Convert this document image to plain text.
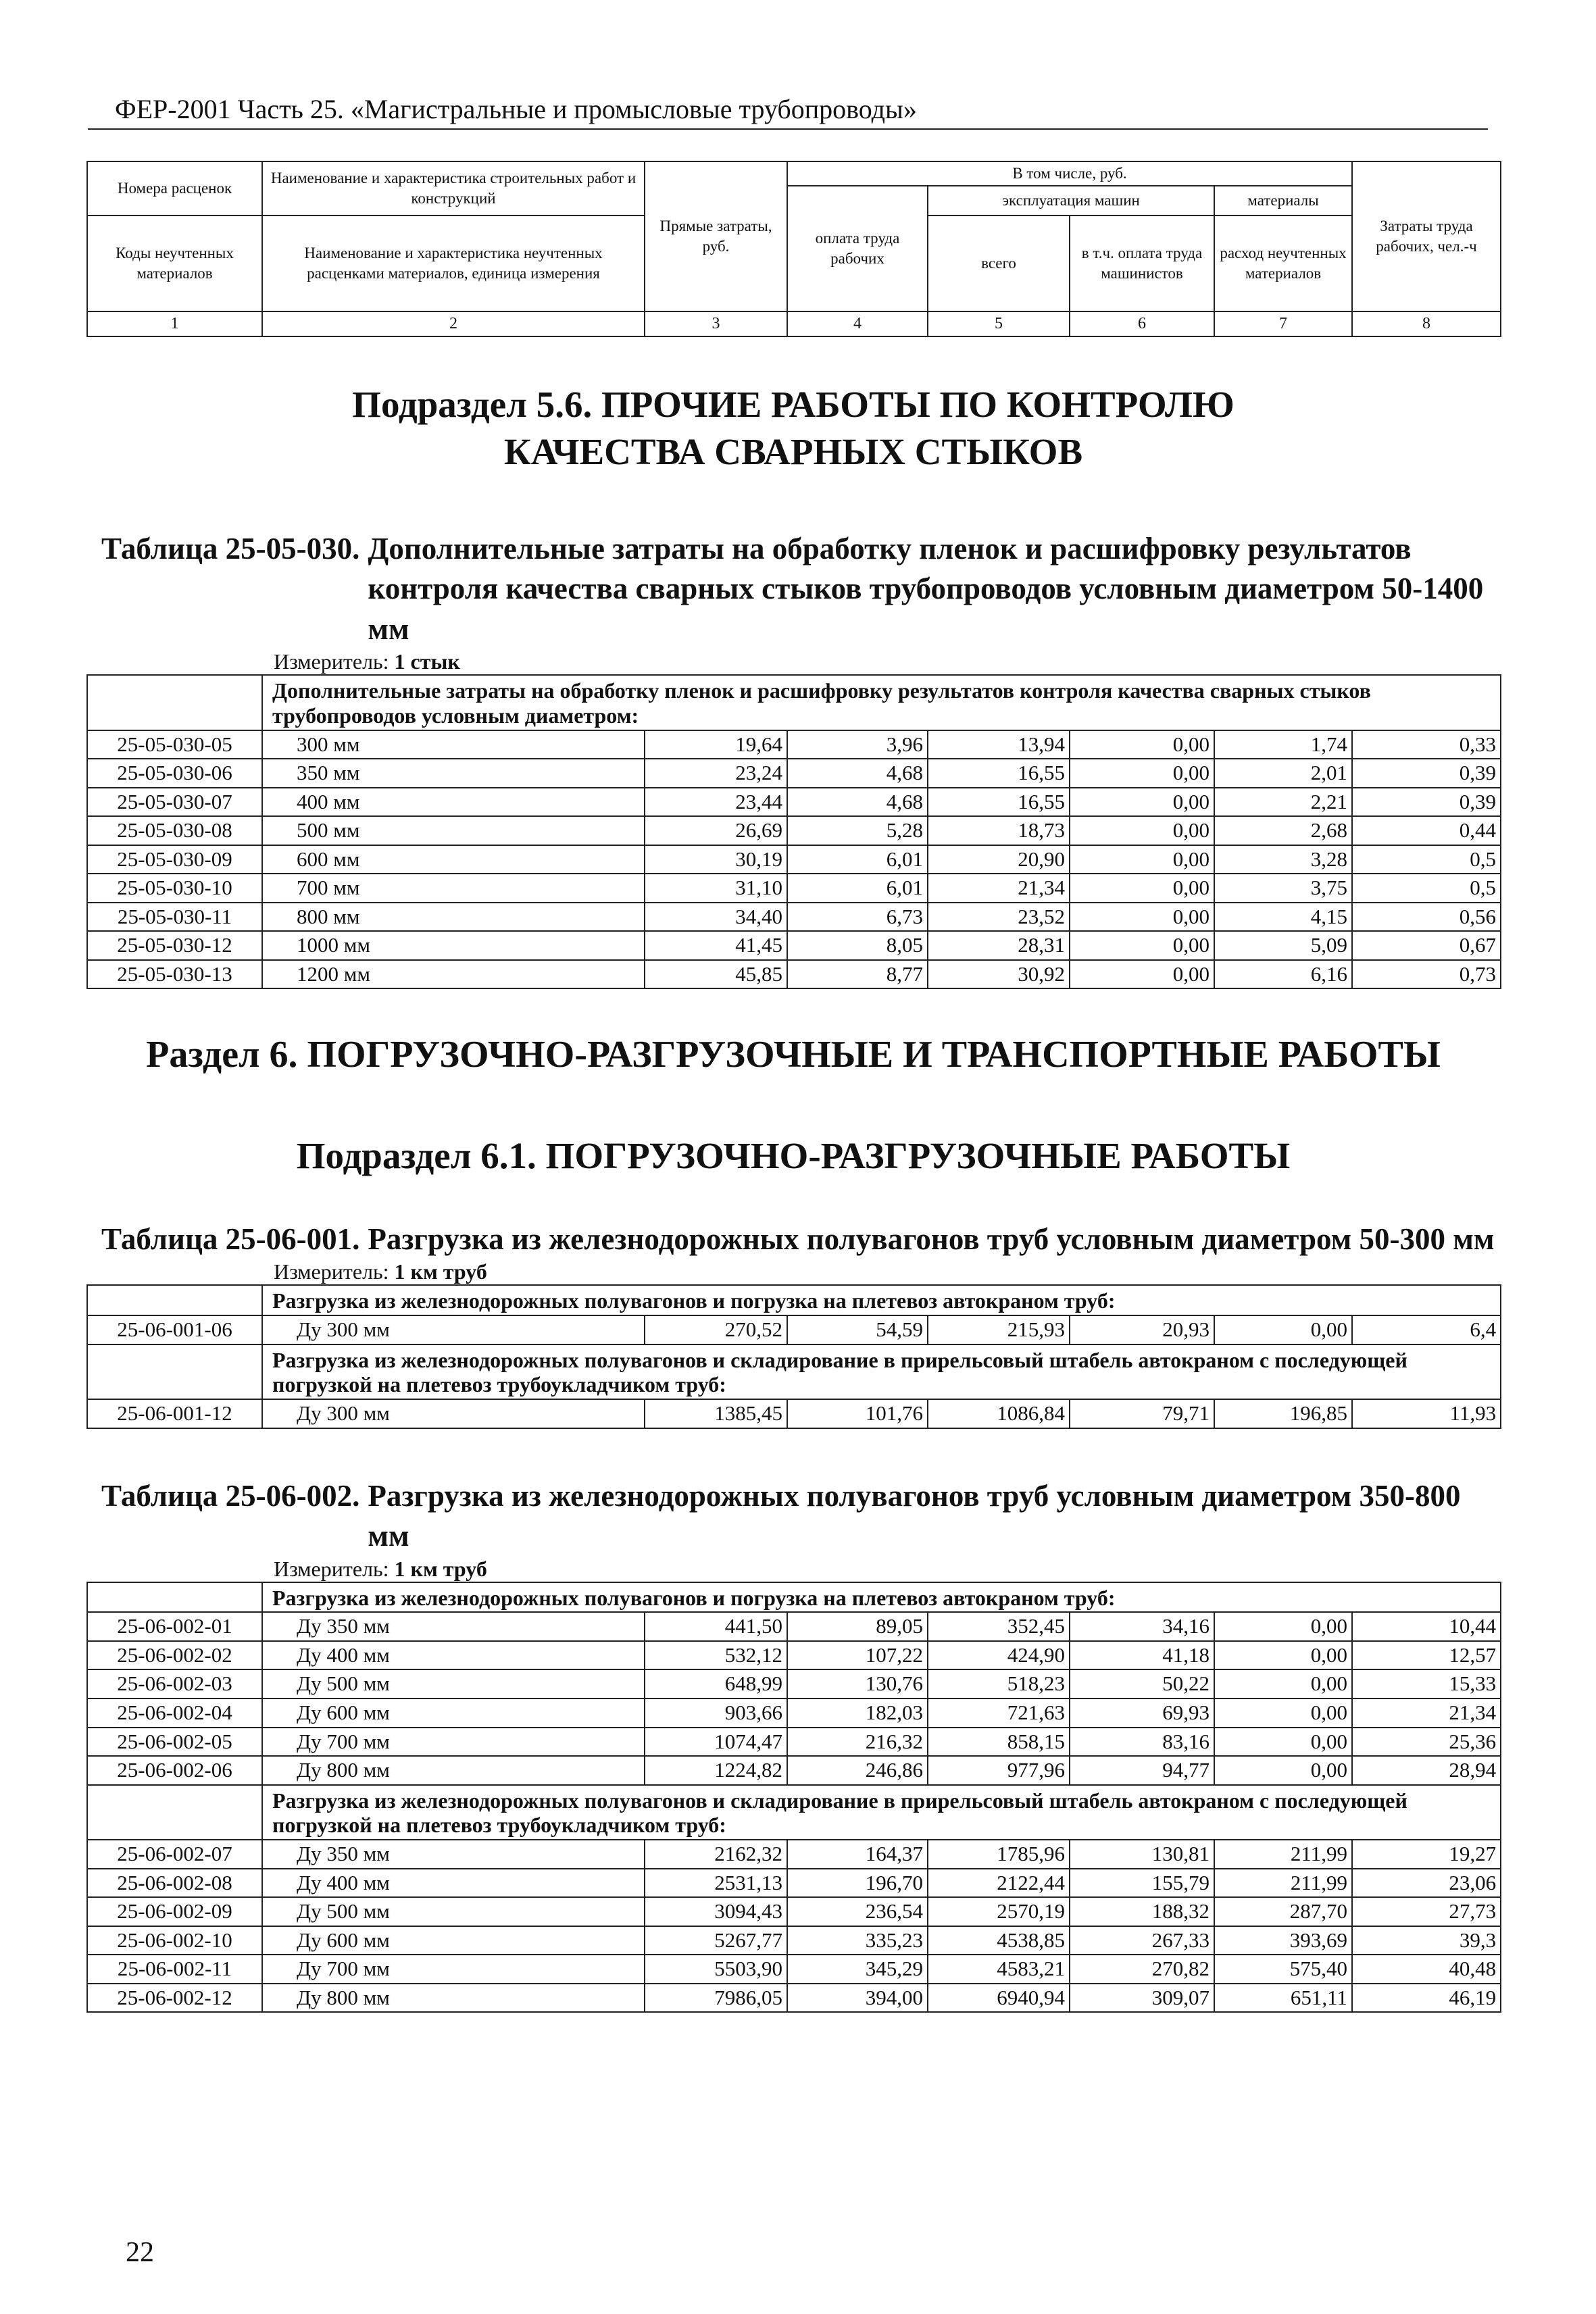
ФЕР-2001 Часть 25. «Магистральные и промысловые трубопроводы»
Номера расценок	Наименование и характеристика строительных работ и конструкций	Прямые затраты, руб.	В том числе, руб.				Затраты труда рабочих, чел.-ч
			оплата труда рабочих	эксплуатация машин		материалы	
Коды неучтенных материалов	Наименование и характеристика неучтенных расценками материалов, единица измерения			всего	в т.ч. оплата труда машинистов	расход неучтенных материалов	
1	2	3	4	5	6	7	8

Подраздел 5.6. ПРОЧИЕ РАБОТЫ ПО КОНТРОЛЮ КАЧЕСТВА СВАРНЫХ СТЫКОВ

Таблица 25-05-030. Дополнительные затраты на обработку пленок и расшифровку результатов контроля качества сварных стыков трубопроводов условным диаметром 50-1400 мм

Измеритель: 1 стык

	Дополнительные затраты на обработку пленок и расшифровку результатов контроля качества сварных стыков трубопроводов условным диаметром:						
25-05-030-05	300 мм	19,64	3,96	13,94	0,00	1,74	0,33
25-05-030-06	350 мм	23,24	4,68	16,55	0,00	2,01	0,39
25-05-030-07	400 мм	23,44	4,68	16,55	0,00	2,21	0,39
25-05-030-08	500 мм	26,69	5,28	18,73	0,00	2,68	0,44
25-05-030-09	600 мм	30,19	6,01	20,90	0,00	3,28	0,5
25-05-030-10	700 мм	31,10	6,01	21,34	0,00	3,75	0,5
25-05-030-11	800 мм	34,40	6,73	23,52	0,00	4,15	0,56
25-05-030-12	1000 мм	41,45	8,05	28,31	0,00	5,09	0,67
25-05-030-13	1200 мм	45,85	8,77	30,92	0,00	6,16	0,73

Раздел 6. ПОГРУЗОЧНО-РАЗГРУЗОЧНЫЕ И ТРАНСПОРТНЫЕ РАБОТЫ

Подраздел 6.1. ПОГРУЗОЧНО-РАЗГРУЗОЧНЫЕ РАБОТЫ

Таблица 25-06-001. Разгрузка из железнодорожных полувагонов труб условным диаметром 50-300 мм

Измеритель: 1 км труб

	Разгрузка из железнодорожных полувагонов и погрузка на плетевоз автокраном труб:						
25-06-001-06	Ду 300 мм	270,52	54,59	215,93	20,93	0,00	6,4
	Разгрузка из железнодорожных полувагонов и складирование в прирельсовый штабель автокраном с последующей погрузкой на плетевоз трубоукладчиком труб:						
25-06-001-12	Ду 300 мм	1385,45	101,76	1086,84	79,71	196,85	11,93
Таблица 25-06-002. Разгрузка из железнодорожных полувагонов труб условным диаметром 350-800 мм

Измеритель: 1 км труб

	Разгрузка из железнодорожных полувагонов и погрузка на плетевоз автокраном труб:						
25-06-002-01	Ду 350 мм	441,50	89,05	352,45	34,16	0,00	10,44
25-06-002-02	Ду 400 мм	532,12	107,22	424,90	41,18	0,00	12,57
25-06-002-03	Ду 500 мм	648,99	130,76	518,23	50,22	0,00	15,33
25-06-002-04	Ду 600 мм	903,66	182,03	721,63	69,93	0,00	21,34
25-06-002-05	Ду 700 мм	1074,47	216,32	858,15	83,16	0,00	25,36
25-06-002-06	Ду 800 мм	1224,82	246,86	977,96	94,77	0,00	28,94
	Разгрузка из железнодорожных полувагонов и складирование в прирельсовый штабель автокраном с последующей погрузкой на плетевоз трубоукладчиком труб:						
25-06-002-07	Ду 350 мм	2162,32	164,37	1785,96	130,81	211,99	19,27
25-06-002-08	Ду 400 мм	2531,13	196,70	2122,44	155,79	211,99	23,06
25-06-002-09	Ду 500 мм	3094,43	236,54	2570,19	188,32	287,70	27,73
25-06-002-10	Ду 600 мм	5267,77	335,23	4538,85	267,33	393,69	39,3
25-06-002-11	Ду 700 мм	5503,90	345,29	4583,21	270,82	575,40	40,48
25-06-002-12	Ду 800 мм	7986,05	394,00	6940,94	309,07	651,11	46,19
22
